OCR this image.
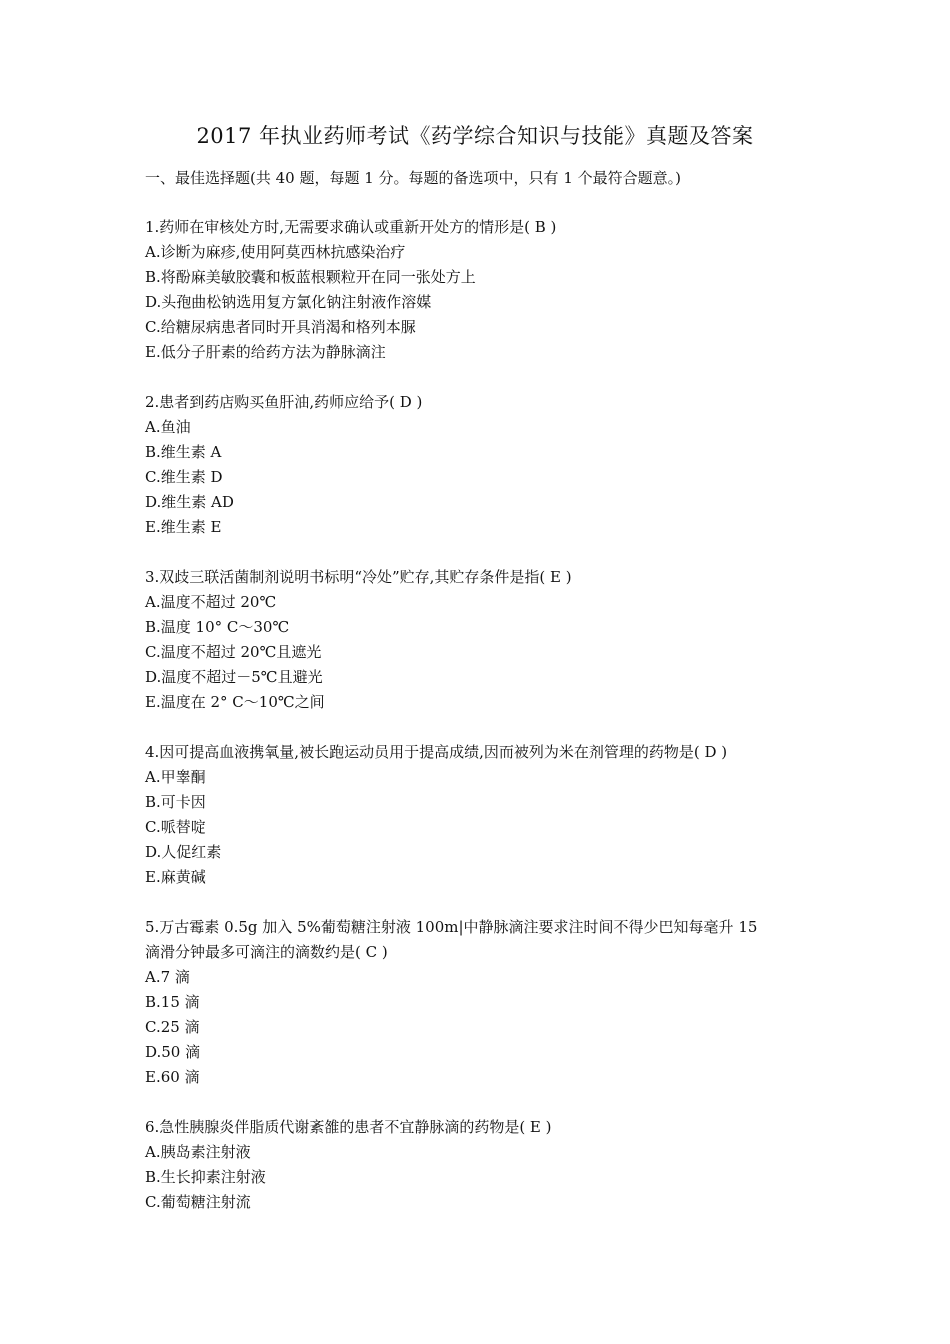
2017 年执业药师考试《药学综合知识与技能》真题及答案
一、最佳选择题(共 40 题，每题 1 分。每题的备选项中，只有 1 个最符合题意。)
1.药师在审核处方时,无需要求确认或重新开处方的情形是( B )
A.诊断为麻疹,使用阿莫西林抗感染治疗
B.将酚麻美敏胶囊和板蓝根颗粒开在同一张处方上
D.头孢曲松钠选用复方氯化钠注射液作溶媒
C.给糖尿病患者同时开具消渴和格列本脲
E.低分子肝素的给药方法为静脉滴注
2.患者到药店购买鱼肝油,药师应给予( D )
A.鱼油
B.维生素 A
C.维生素 D
D.维生素 AD
E.维生素 E
3.双歧三联活菌制剂说明书标明“冷处”贮存,其贮存条件是指( E )
A.温度不超过 20℃
B.温度 10° C～30℃
C.温度不超过 20℃且遮光
D.温度不超过－5℃且避光
E.温度在 2° C～10℃之间
4.因可提高血液携氧量,被长跑运动员用于提高成绩,因而被列为米在剂管理的药物是( D )
A.甲睾酮
B.可卡因
C.哌替啶
D.人促红素
E.麻黄碱
5.万古霉素 0.5g 加入 5%葡萄糖注射液 100m|中静脉滴注要求注时间不得少巴知每毫升 15
滴滑分钟最多可滴注的滴数约是( C )
A.7 滴
B.15 滴
C.25 滴
D.50 滴
E.60 滴
6.急性胰腺炎伴脂质代谢紊雒的患者不宜静脉滴的药物是( E )
A.胰岛素注射液
B.生长抑素注射液
C.葡萄糖注射流
